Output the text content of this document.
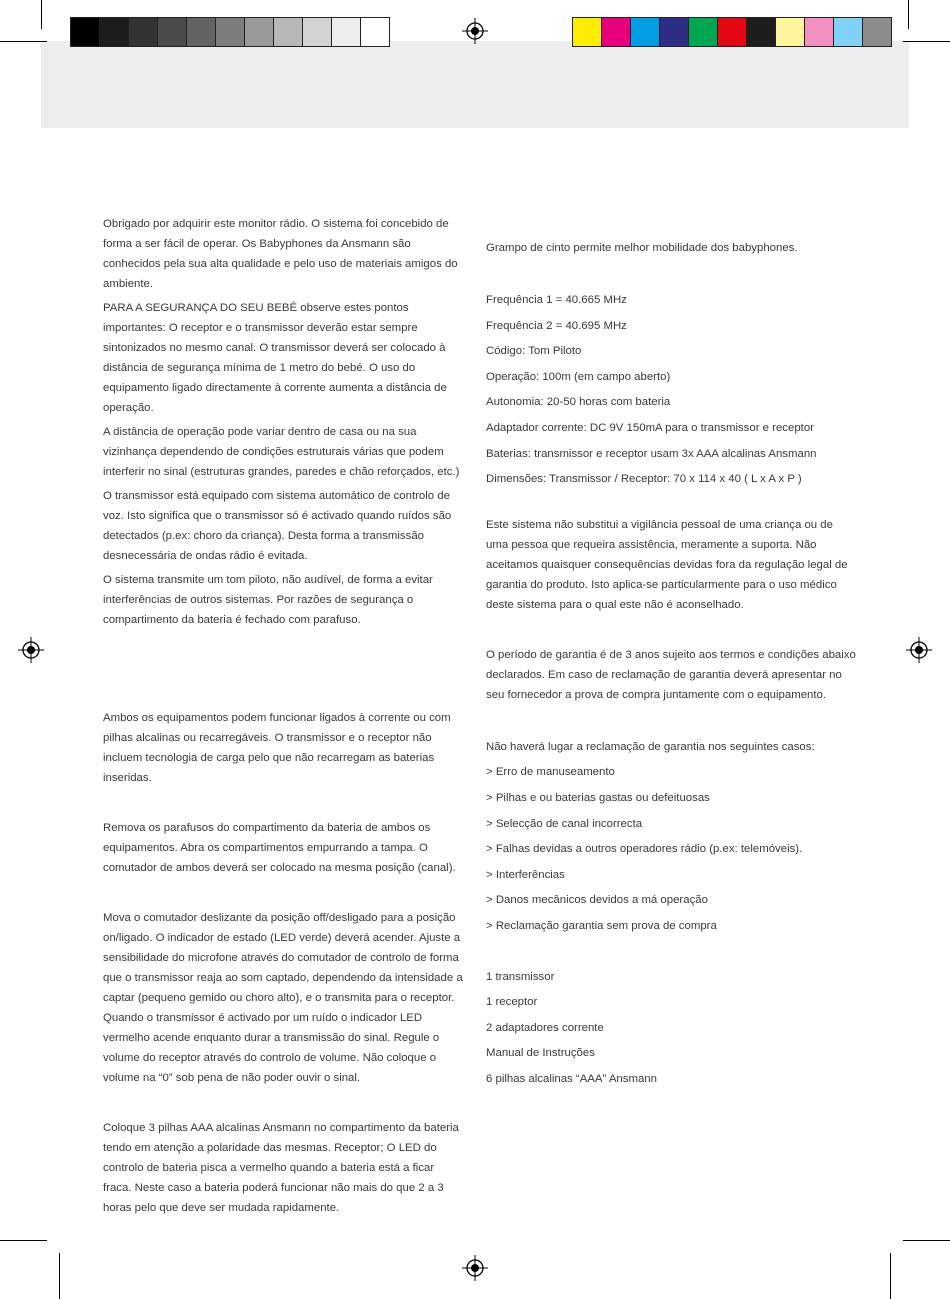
Obrigado por adquirir este monitor rádio. O sistema foi concebido de forma a ser fácil de operar. Os Babyphones da Ansmann são conhecidos pela sua alta qualidade e pelo uso de materiais amigos do ambiente.

PARA A SEGURANÇA DO SEU BEBÉ observe estes pontos importantes: O receptor e o transmissor deverão estar sempre sintonizados no mesmo canal. O transmissor deverá ser colocado à distância de segurança mínima de 1 metro do bebé. O uso do equipamento ligado directamente à corrente aumenta a distância de operação.

A distância de operação pode variar dentro de casa ou na sua vizinhança dependendo de condições estruturais várias que podem interferir no sinal (estruturas grandes, paredes e chão reforçados, etc.)

O transmissor está equipado com sistema automático de controlo de voz. Isto significa que o transmissor só é activado quando ruídos são detectados (p.ex: choro da criança). Desta forma a transmissão desnecessária de ondas rádio é evitada.

O sistema transmite um tom piloto, não audível, de forma a evitar interferências de outros sistemas. Por razões de segurança o compartimento da bateria é fechado com parafuso.

Ambos os equipamentos podem funcionar ligados à corrente ou com pilhas alcalinas ou recarregáveis. O transmissor e o receptor não incluem tecnologia de carga pelo que não recarregam as baterias inseridas.

Remova os parafusos do compartimento da bateria de ambos os equipamentos. Abra os compartimentos empurrando a tampa. O comutador de ambos deverá ser colocado na mesma posição (canal).

Mova o comutador deslizante da posição off/desligado para a posição on/ligado. O indicador de estado (LED verde) deverá acender. Ajuste a sensibilidade do microfone através do comutador de controlo de forma que o transmissor reaja ao som captado, dependendo da intensidade a captar (pequeno gemido ou choro alto), e o transmita para o receptor. Quando o transmissor é activado por um ruído o indicador LED vermelho acende enquanto durar a transmissão do sinal. Regule o volume do receptor através do controlo de volume. Não coloque o volume na “0” sob pena de não poder ouvir o sinal.

Coloque 3 pilhas AAA alcalinas Ansmann no compartimento da bateria tendo em atenção a polaridade das mesmas. Receptor; O LED do controlo de bateria pisca a vermelho quando a bateria está a ficar fraca. Neste caso a bateria poderá funcionar não mais do que 2 a 3 horas pelo que deve ser mudada rapidamente.

Grampo de cinto permite melhor mobilidade dos babyphones.

Frequência 1 = 40.665 MHz
Frequência 2 = 40.695 MHz
Código: Tom Piloto
Operação: 100m (em campo aberto)
Autonomia: 20-50 horas com bateria
Adaptador corrente: DC 9V 150mA para o transmissor e receptor
Baterias: transmissor e receptor usam 3x AAA alcalinas Ansmann
Dimensões: Transmissor / Receptor: 70 x 114 x 40 ( L x A x P )

Este sistema não substitui a vigilância pessoal de uma criança ou de uma pessoa que requeira assistência, meramente a suporta. Não aceitamos quaisquer consequências devidas fora da regulação legal de garantia do produto. Isto aplica-se particularmente para o uso médico deste sistema para o qual este não é aconselhado.

O período de garantia é de 3 anos sujeito aos termos e condições abaixo declarados. Em caso de reclamação de garantia deverá apresentar no seu fornecedor a prova de compra juntamente com o equipamento.

Não haverá lugar a reclamação de garantia nos seguintes casos:
> Erro de manuseamento
> Pilhas e ou baterias gastas ou defeituosas
> Selecção de canal incorrecta
> Falhas devidas a outros operadores rádio (p.ex: telemóveis).
> Interferências
> Danos mecânicos devidos a má operação
> Reclamação garantia sem prova de compra
1 transmissor
1 receptor
2 adaptadores corrente
Manual de Instruções
6 pilhas alcalinas “AAA” Ansmann
